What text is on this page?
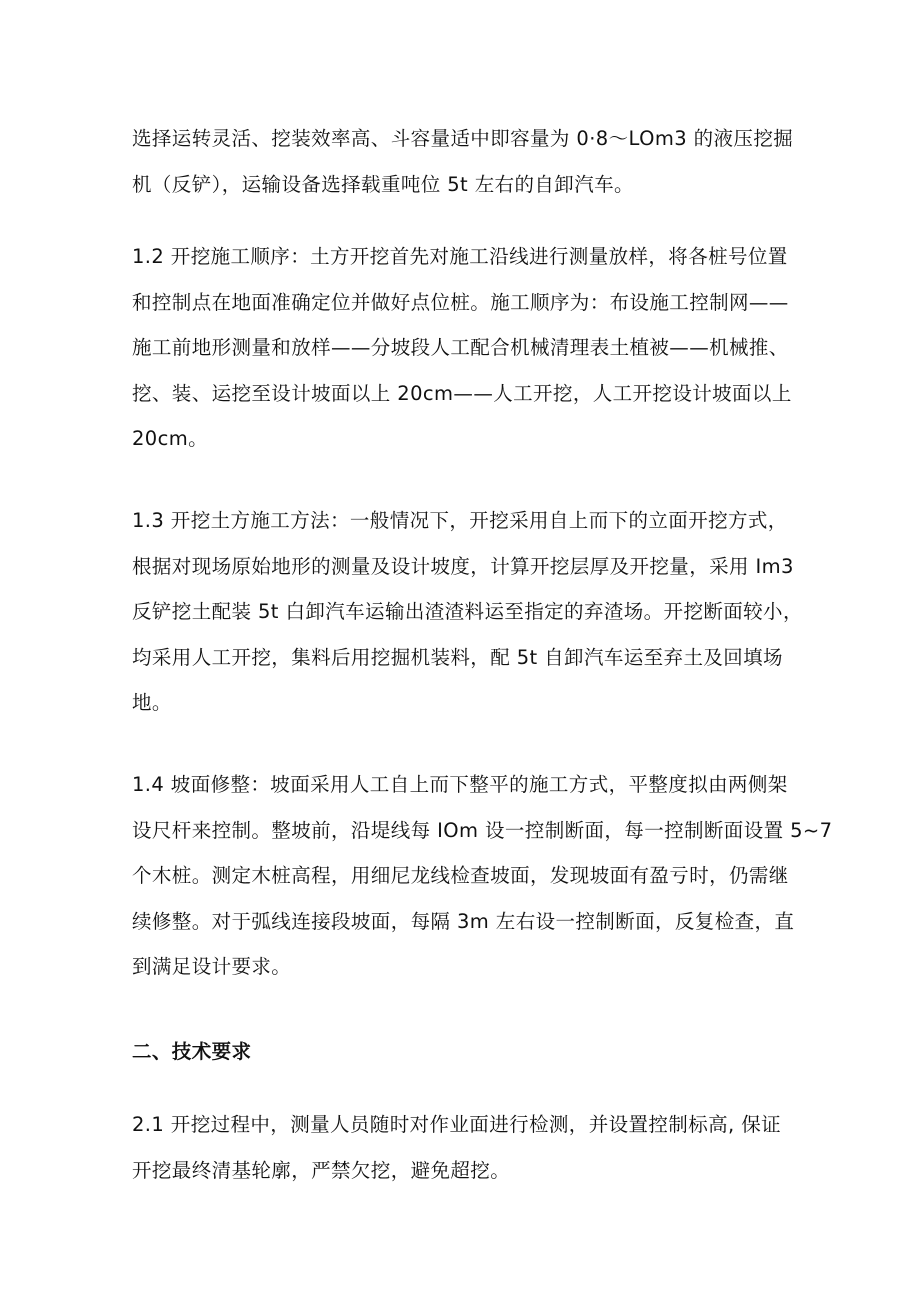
选择运转灵活、挖装效率高、斗容量适中即容量为 0·8～LOm3 的液压挖掘
机（反铲），运输设备选择载重吨位 5t 左右的自卸汽车。

1.2 开挖施工顺序：土方开挖首先对施工沿线进行测量放样，将各桩号位置
和控制点在地面准确定位并做好点位桩。施工顺序为：布设施工控制网——
施工前地形测量和放样——分坡段人工配合机械清理表土植被——机械推、
挖、装、运挖至设计坡面以上 20cm——人工开挖，人工开挖设计坡面以上
20cm。

1.3 开挖土方施工方法：一般情况下，开挖采用自上而下的立面开挖方式，
根据对现场原始地形的测量及设计坡度，计算开挖层厚及开挖量，采用 Im3
反铲挖土配装 5t 白卸汽车运输出渣渣料运至指定的弃渣场。开挖断面较小，
均采用人工开挖，集料后用挖掘机装料，配 5t 自卸汽车运至弃土及回填场
地。

1.4 坡面修整：坡面采用人工自上而下整平的施工方式，平整度拟由两侧架
设尺杆来控制。整坡前，沿堤线每 IOm 设一控制断面，每一控制断面设置 5~7
个木桩。测定木桩高程，用细尼龙线检查坡面，发现坡面有盈亏时，仍需继
续修整。对于弧线连接段坡面，每隔 3m 左右设一控制断面，反复检查，直
到满足设计要求。

二、技术要求

2.1 开挖过程中，测量人员随时对作业面进行检测，并设置控制标高, 保证
开挖最终清基轮廓，严禁欠挖，避免超挖。
